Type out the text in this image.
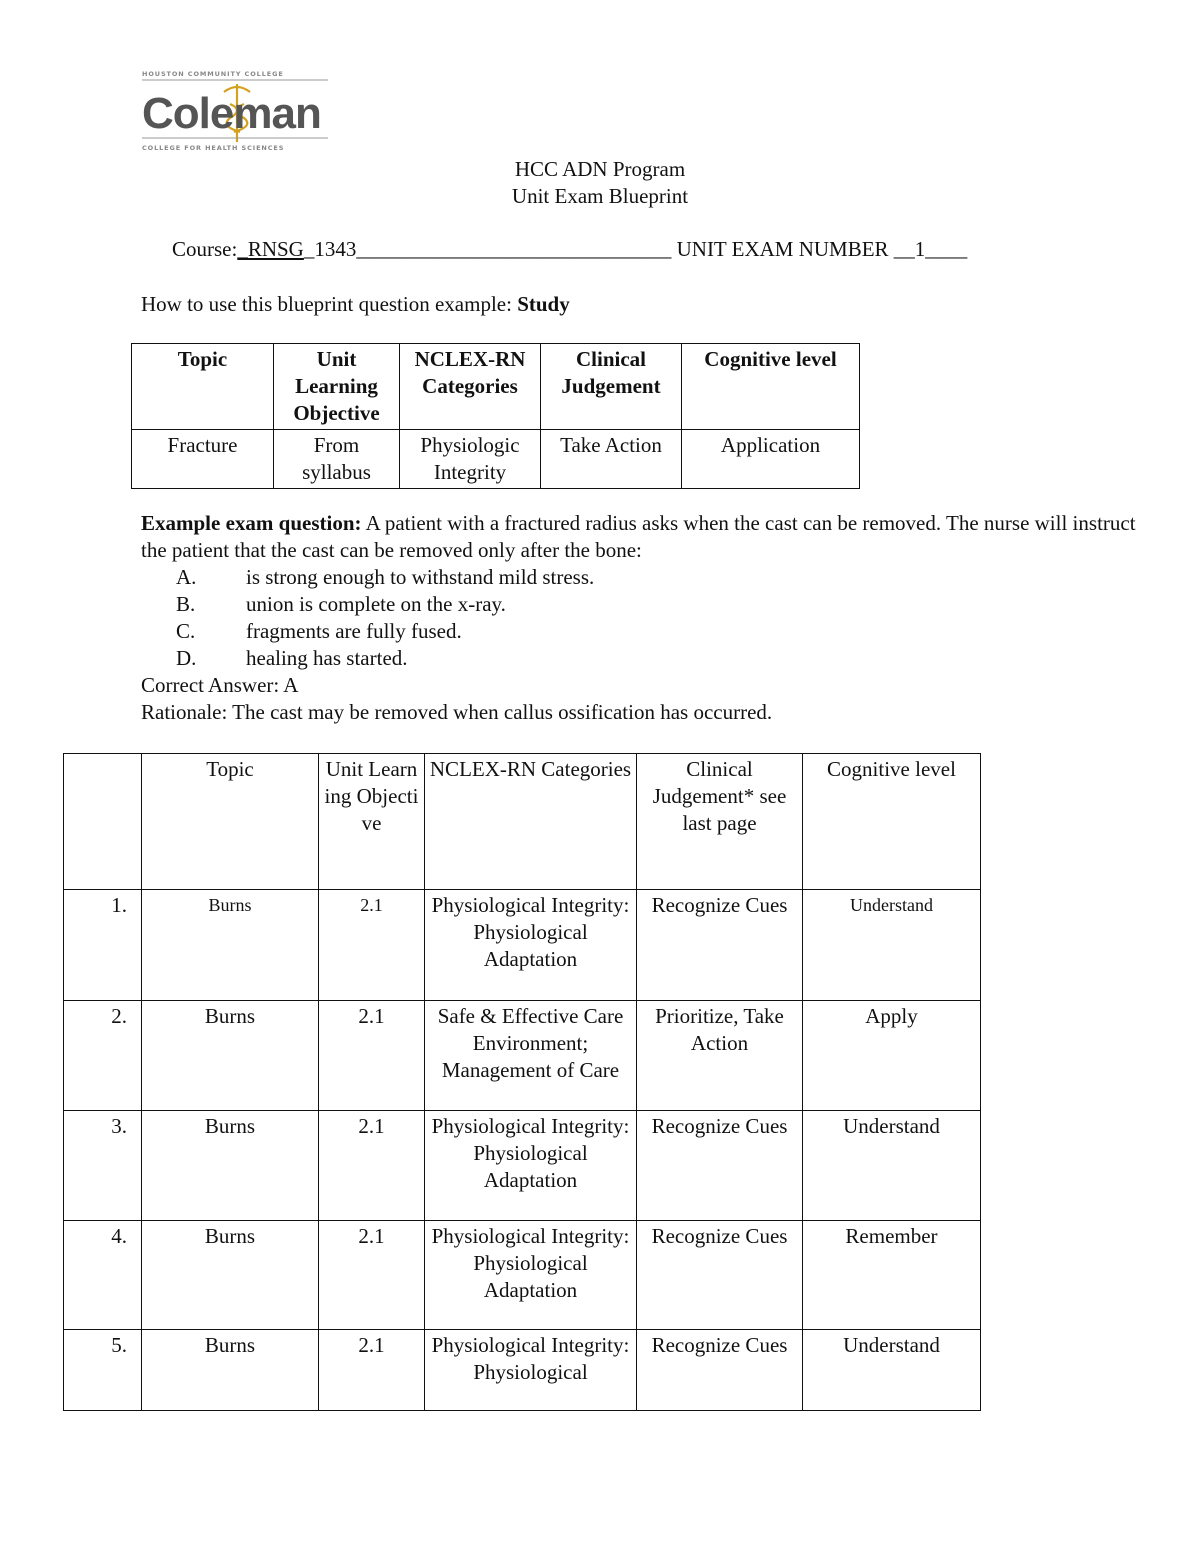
HOUSTON COMMUNITY COLLEGE
Coleman
COLLEGE FOR HEALTH SCIENCES
HCC ADN Program
Unit Exam Blueprint
Course:_RNSG_1343______________________________ UNIT EXAM NUMBER __1____
How to use this blueprint question example: Study
Topic	Unit Learning Objective	NCLEX-RN Categories	Clinical Judgement	Cognitive level
Fracture	From syllabus	Physiologic Integrity	Take Action	Application
Example exam question: A patient with a fractured radius asks when the cast can be removed. The nurse will instruct the patient that the cast can be removed only after the bone:
A.	is strong enough to withstand mild stress.
B.	union is complete on the x-ray.
C.	fragments are fully fused.
D.	healing has started.
Correct Answer: A
Rationale: The cast may be removed when callus ossification has occurred.
	Topic	Unit Learning Objective	NCLEX-RN Categories	Clinical Judgement* see last page	Cognitive level
1.	Burns	2.1	Physiological Integrity: Physiological Adaptation	Recognize Cues	Understand
2.	Burns	2.1	Safe & Effective Care Environment; Management of Care	Prioritize, Take Action	Apply
3.	Burns	2.1	Physiological Integrity: Physiological Adaptation	Recognize Cues	Understand
4.	Burns	2.1	Physiological Integrity: Physiological Adaptation	Recognize Cues	Remember
5.	Burns	2.1	Physiological Integrity: Physiological	Recognize Cues	Understand
